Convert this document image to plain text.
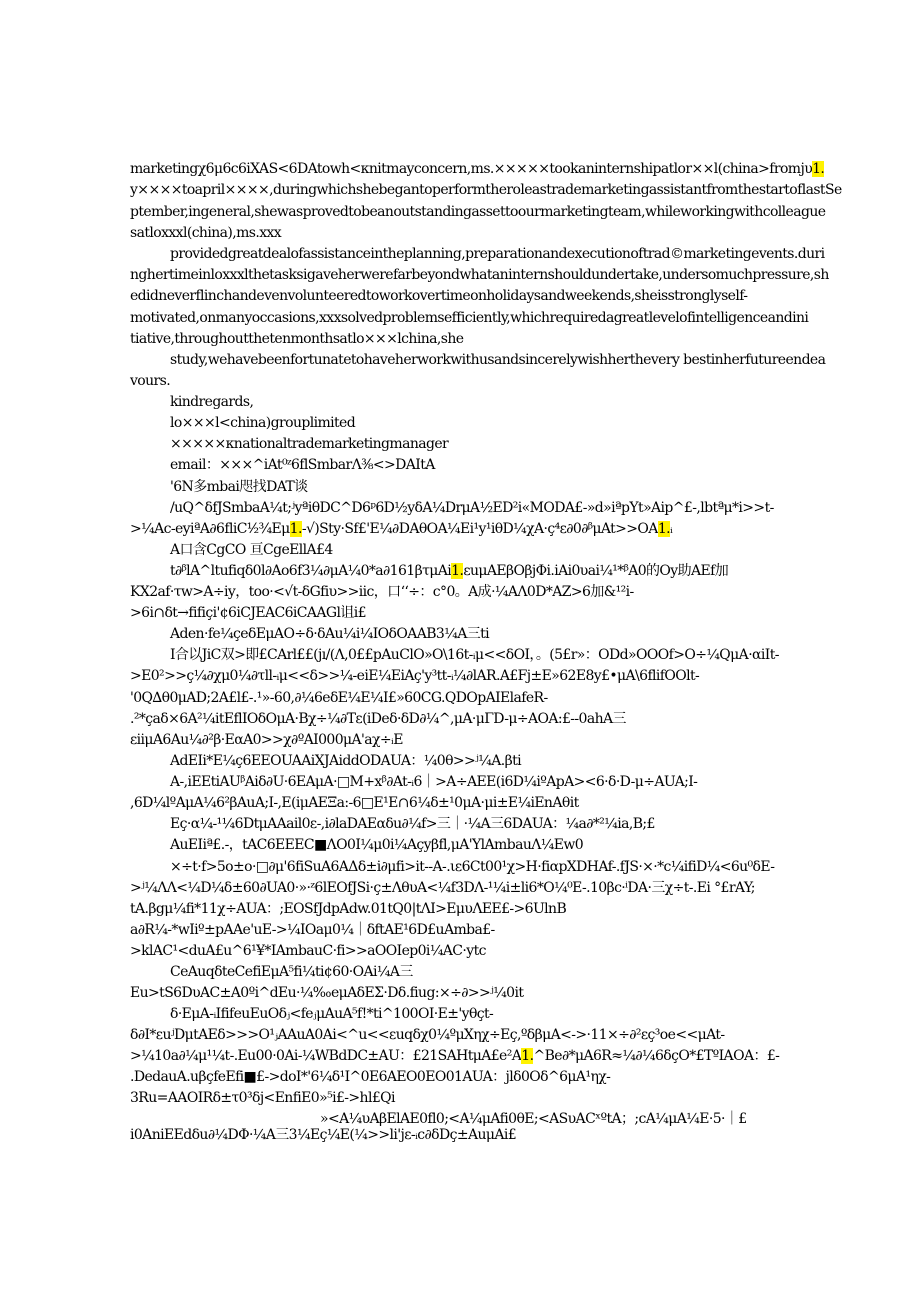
marketingχ6μ6c6iXAS<6DAtowh<κnitmayconcern,ms.×××××tookaninternshipatlor××l(china>fromjυ1.
y××××toapril××××,duringwhichshebegantoperformtheroleastrademarketingassistantfromthestartoflastSe
ptember,ingeneral,shewasprovedtobeanoutstandingassettoourmarketingteam,whileworkingwithcolleague
satloxxxl(china),ms.xxx
providedgreatdealofassistanceintheplanning,preparationandexecutionoftrad©marketingevents.duri
nghertimeinloxxxlthetasksigaveherwerefarbeyondwhataninternshouldundertake,undersomuchpressure,sh
edidneverflinchandevenvolunteeredtoworkovertimeonholidaysandweekends,sheisstronglyself-
motivated,onmanyoccasions,xxxsolvedproblemsefficiently,whichrequiredagreatlevelofintelligenceandini
tiative,throughoutthetenmonthsatlo×××lchina,she
study,wehavebeenfortunatetohaveherworkwithusandsincerelywishherthevery bestinherfutureendea
vours.
kindregards,
lo×××l<china)grouplimited
×××××κnationaltrademarketingmanager
email：×××^iAt⁰ᶻ6flSmbarΛ³⁄₈<>DAItA
'6N多mbai咫找DAT谈
/uQ^δfJSmbaA¼t;ʲyªiθDC^D6ᵖ6D½yδA¼DrμA½ED²i«MODA£-»d»iªpYt»Aip^£-,lbtªμ*i>>t-
>¼Ac-eyiªA∂6fliC¹⁄₂¾Eμ1.-√)Sty·Sf£'E¼∂DAθOA¼Ei¹y¹iθD¼χA·ç⁴ε∂0∂ᵝμAt>>OA1.ᵢ
A口含CgCO 亘CgeEllA£4
t∂ᵝlA^ltufiqδ0l∂Ao6f3¼∂μA¼0*a∂161βτμAi1.εuμAEβOβjΦi.iAi0υai¼¹*ᵝA0的Oy助AEf加
KX2af·τw>A÷iy，too·<√t-δGfiυ>>iic，口‘‘÷：c°0。A成·¼AΛ0D*AZ>6加&¹²i-
>6i∩δt→fifiçi'¢6iCJEAC6iCAAGl诅i£
Aden·fe¼çeδEμAO÷δ·δAu¼i¼IOδOAAB3¼A三ti
I合以JiC双>即£CArl££(jı/(Λ,0££pAuClO»O\16t-ᵢμ<<δOI，。(5£r»：ODd»OOOf>O÷¼QμA·αiIt-
>E0²>>ç¼∂χμ0¼∂τll-ᵢμ<<δ>>¼-eiE¼EiAç'y³tt-ᵢ¼∂lAR.A£Fj±E»62E8y£•μA\6flifOOlt-
'0Q∆θ0μAD;2A£l£-.¹»-60,∂¼6eδE¼E¼I£»60CG.QDOpAIElafeR-
.²*çaδ×6A²¼itEflIOδOμA·Bχ÷¼∂Tε(iDeδ·δD∂¼^,μA·μΓD-μ÷AOA:£--0ahA三
εiiμA6Au¼∂²β·EαA0>>χ∂ºAI000μA'aχ÷ᵢE
AdEIi*E¼ç6EEOUAAiXJAiddODAUA：¼0θ>>ʲ¼A.βti
A-,iEEtiAUᵝAiδ∂U·6EAμA·□M+xᵝ∂At-ᵢ6｜>A÷AEE(i6D¼iºApA><6·δ·D-μ÷AUA;I-
,6D¼lºAμA¼6²βAuA;I-,E(iμAEΞa:-6□E¹E∩6¼δ±¹0μA·μi±E¼iEnAθit
Eç·α¼-¹¼6DtμAAail0ε-,i∂laDAEαδu∂¼f>三｜·¼A三6DAUA：¼a∂*²¼ia,B;£
AuEIiª£.-，tAC6EEEC■ΛO0I¼μ0i¼Açyβfl,μA'YlAmbauΛ¼Ew0
×÷t·f>5o±o·□∂μ'6fiSuA6AΔδ±i∂μfi>it--A-.ιε6Ct00¹χ>H·fiαpXDHAf-.fJS·×·*c¼ifiD¼<6u⁰δE-
>ʲ¼ΛΛ<¼D¼δ±60∂UA0·»·ᶻ6lEOfJSi·ç±ΛθυA<¼f3DΛ-¹¼i±li6*O¼⁰E-.10βc·ⁱDA·三χ÷t-.Ei °£rAY;
tA.βgμ¼fi*11χ÷AUA：;EOSfJdpAdw.01tQ0|tΛI>EμυΛEE£->6UlnB
a∂R¼-*wIiº±pAAe'uE->¼IOaμ0¼｜δftAE¹6D£uAmba£-
>klAC¹<duA£u^6¹¥*IAmbauC·fi>>aOOIep0i¼AC·ytc
CeAuqδteCefiEμA⁵fi¼ti¢60·OAi¼A三
Eu>tS6DυAC±A0ºi^dEu·¼‰eμAδEΣ·Dδ.fiug:×÷∂>>ʲ¼0it
δ·EμA-ᵢIfifeuEuOδⱼ<feⱼμAuA⁵f!*ti^100OI·E±'yθçt-
δ∂I*εuʲDμtAEδ>>>O¹ⱼAAuA0Ai<^u<<εuqδχ0¼ºμXηχ÷Eç,ºδβμA<->·11×÷∂²εç³oe<<μAt-
>¼10a∂¼μ¹¼t-.Eu00·0Ai-¼WBdDC±AU：£21SAHtμA£e²A1.^Be∂*μA6R≈¼∂¼6δçO*£TºIAOA：£-
.DedauA.uβçfeEfi■£->doI*'6¼δ¹I^0E6AEO0EO01AUA：jlδ0Oδ^6μA¹ηχ-
3Ru=AAOIRδ±τ0³δj<EnfiE0»⁵i£->hl£Qi
»<A¼υAβElAE0fl0;<A¼μAfi0θE;<ASυACˣºtA；;cA¼μA¼E·5·｜£
i0AniEEdδu∂¼DΦ·¼A三3¼Eç¼E(¼>>li'jε-ᵢc∂δDç±AuμAi£
